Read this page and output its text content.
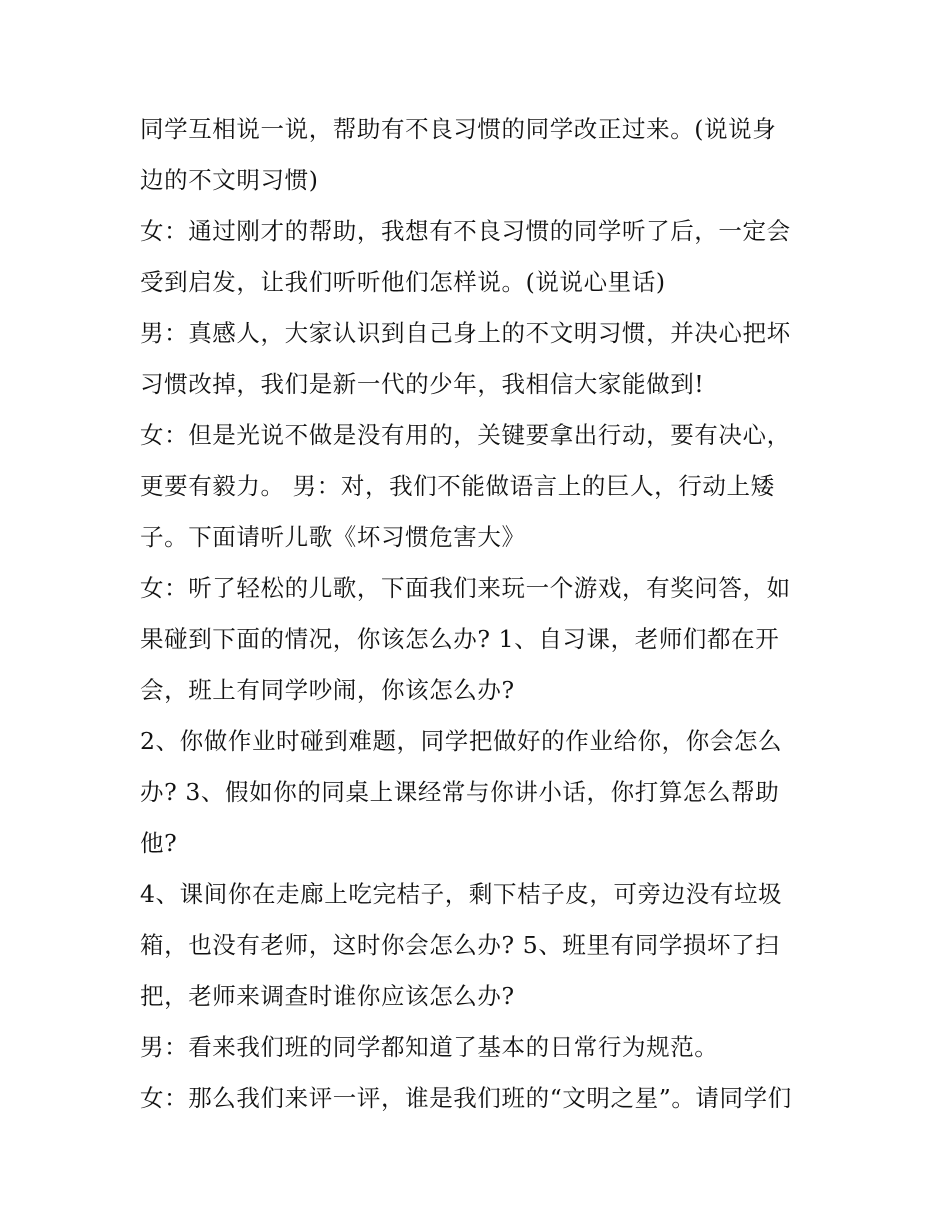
同学互相说一说，帮助有不良习惯的同学改正过来。(说说身
边的不文明习惯)
女：通过刚才的帮助，我想有不良习惯的同学听了后，一定会
受到启发，让我们听听他们怎样说。(说说心里话)
男：真感人，大家认识到自己身上的不文明习惯，并决心把坏
习惯改掉，我们是新一代的少年，我相信大家能做到!
女：但是光说不做是没有用的，关键要拿出行动，要有决心，
更要有毅力。 男：对，我们不能做语言上的巨人，行动上矮
子。下面请听儿歌《坏习惯危害大》
女：听了轻松的儿歌，下面我们来玩一个游戏，有奖问答，如
果碰到下面的情况，你该怎么办? 1、自习课，老师们都在开
会，班上有同学吵闹，你该怎么办?
2、你做作业时碰到难题，同学把做好的作业给你，你会怎么
办? 3、假如你的同桌上课经常与你讲小话，你打算怎么帮助
他?
4、课间你在走廊上吃完桔子，剩下桔子皮，可旁边没有垃圾
箱，也没有老师，这时你会怎么办? 5、班里有同学损坏了扫
把，老师来调查时谁你应该怎么办?
男：看来我们班的同学都知道了基本的日常行为规范。
女：那么我们来评一评，谁是我们班的“文明之星”。请同学们
